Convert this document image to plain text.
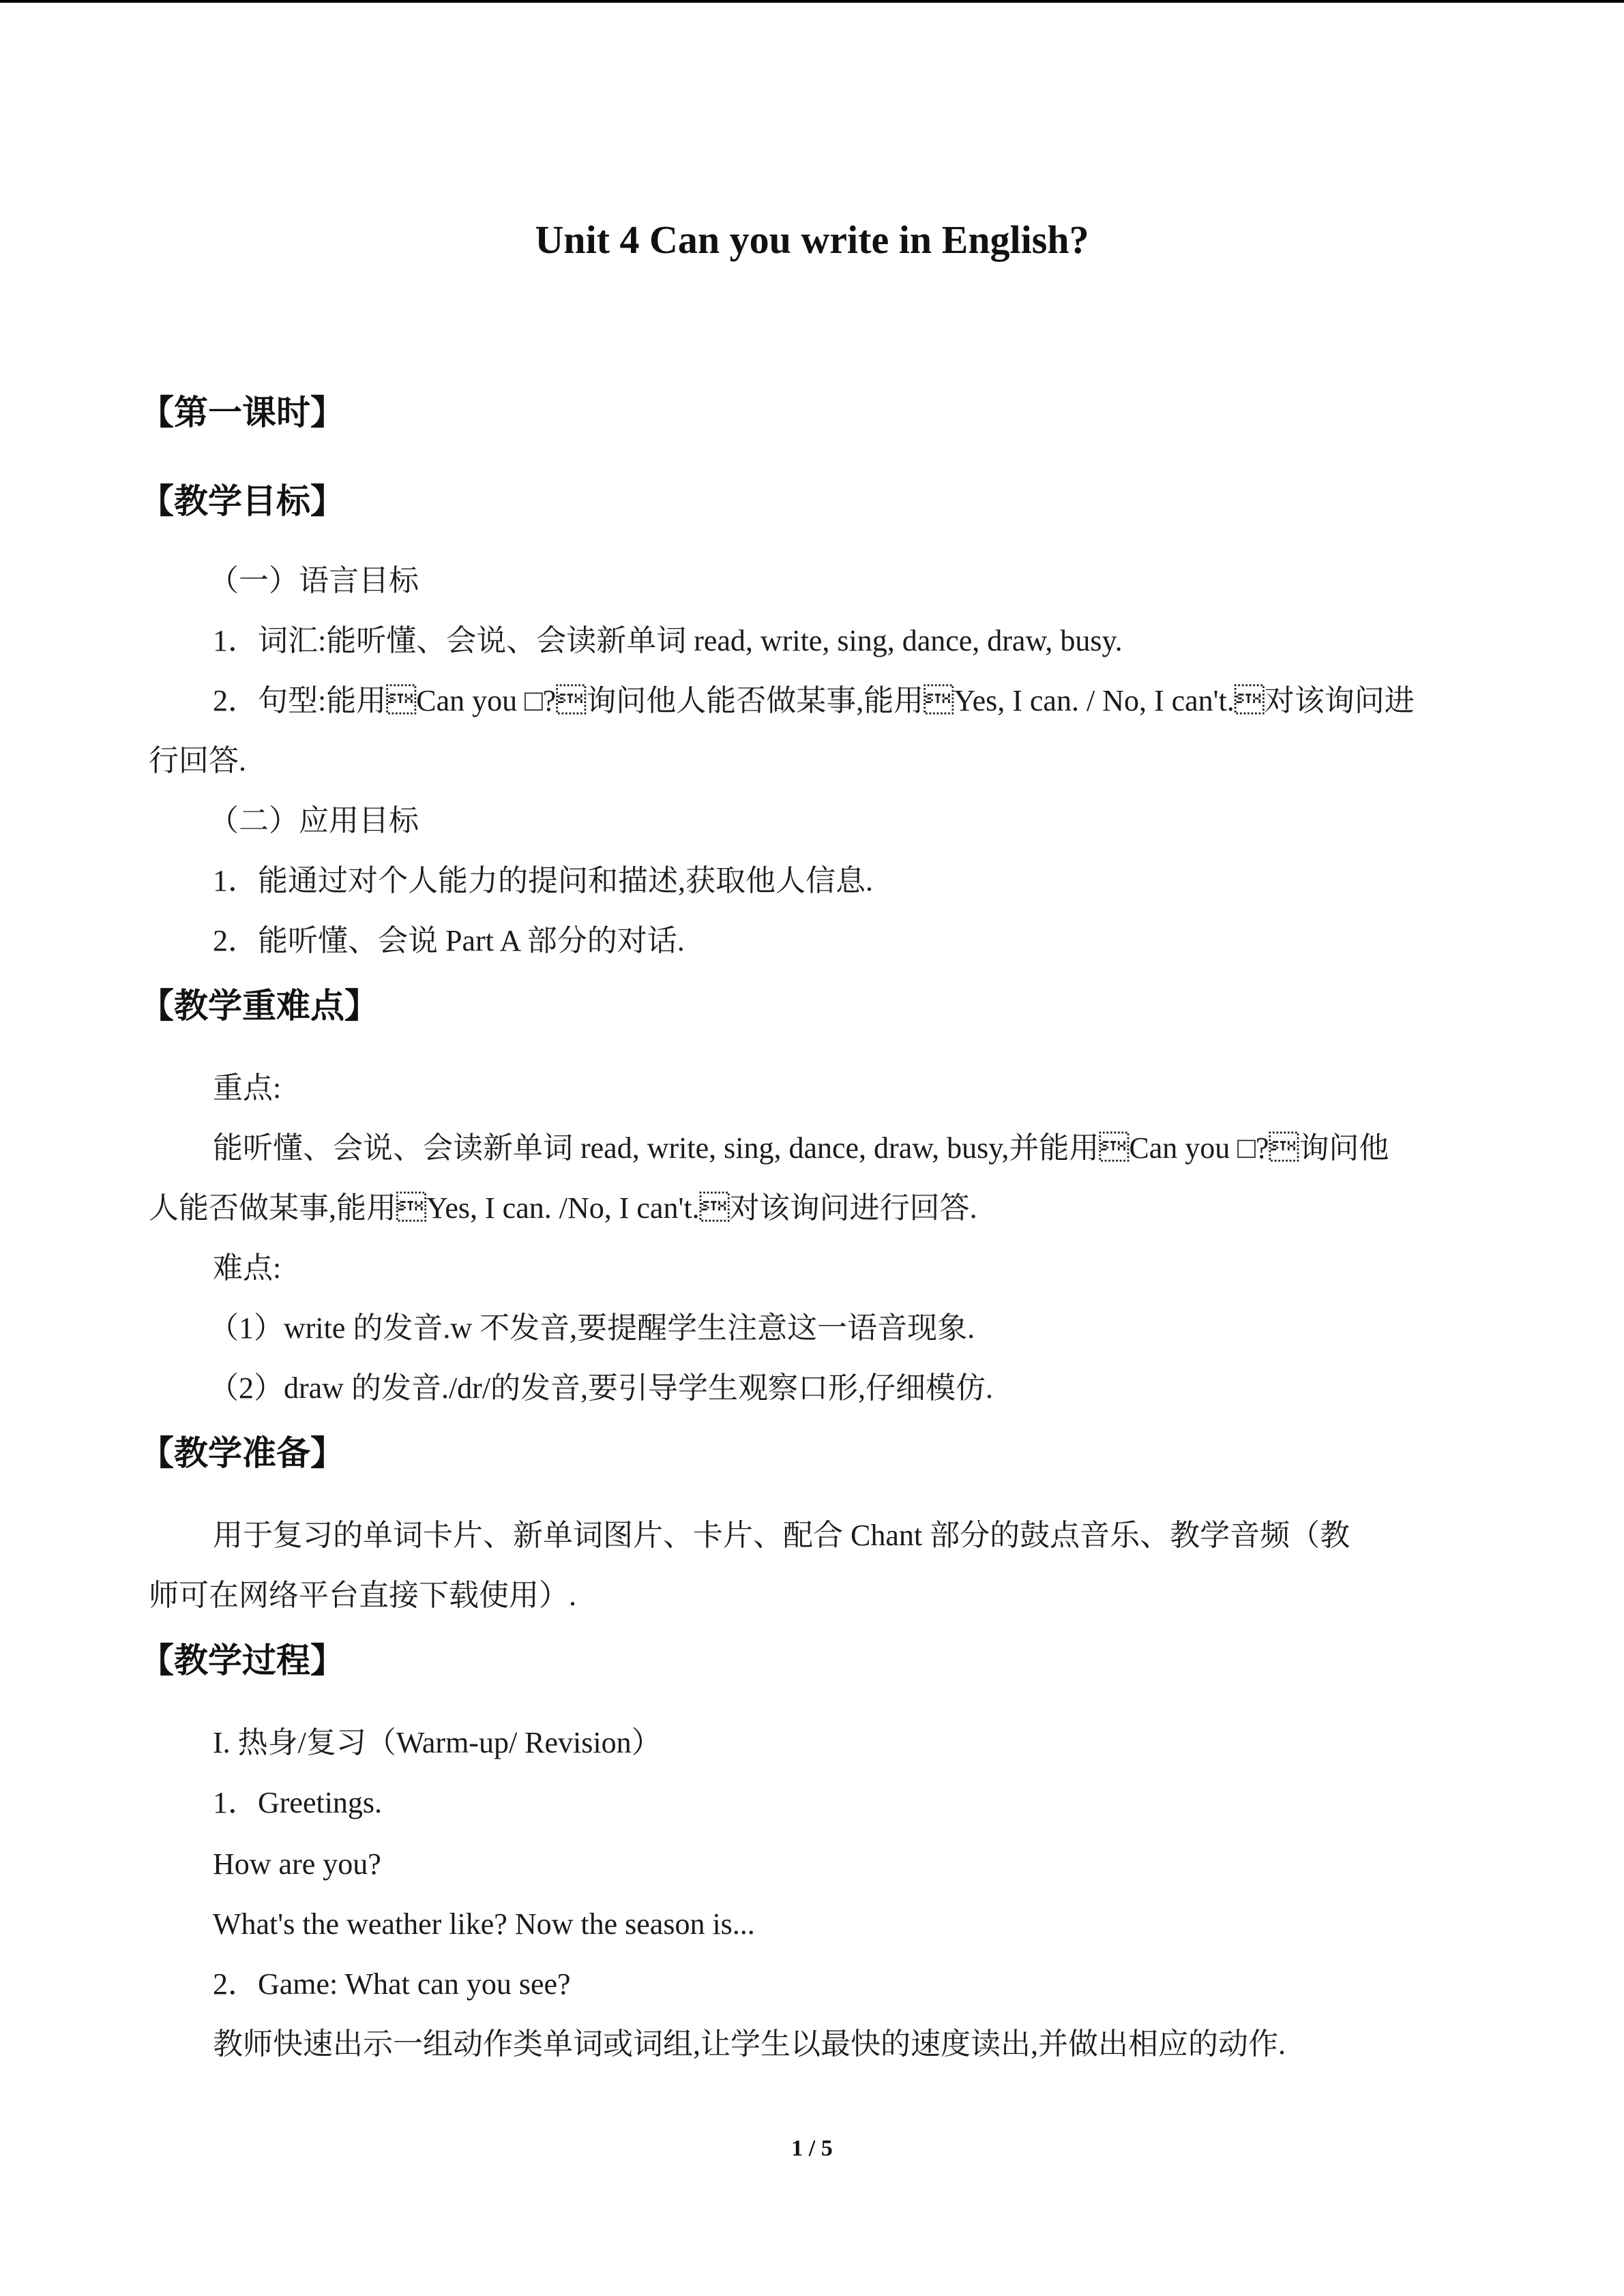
Unit 4 Can you write in English?
【第一课时】
【教学目标】
（一）语言目标
1．词汇:能听懂、会说、会读新单词 read, write, sing, dance, draw, busy.
2．句型:能用Can you □?询问他人能否做某事,能用Yes, I can. / No, I can't.对该询问进
行回答.
（二）应用目标
1．能通过对个人能力的提问和描述,获取他人信息.
2．能听懂、会说 Part A 部分的对话.
【教学重难点】
重点:
能听懂、会说、会读新单词 read, write, sing, dance, draw, busy,并能用Can you □?询问他
人能否做某事,能用Yes, I can. /No, I can't.对该询问进行回答.
难点:
（1）write 的发音.w 不发音,要提醒学生注意这一语音现象.
（2）draw 的发音./dr/的发音,要引导学生观察口形,仔细模仿.
【教学准备】
用于复习的单词卡片、新单词图片、卡片、配合 Chant 部分的鼓点音乐、教学音频（教
师可在网络平台直接下载使用）.
【教学过程】
I. 热身/复习（Warm-up/ Revision）
1．Greetings.
How are you?
What's the weather like? Now the season is...
2．Game: What can you see?
教师快速出示一组动作类单词或词组,让学生以最快的速度读出,并做出相应的动作.
1 / 5
